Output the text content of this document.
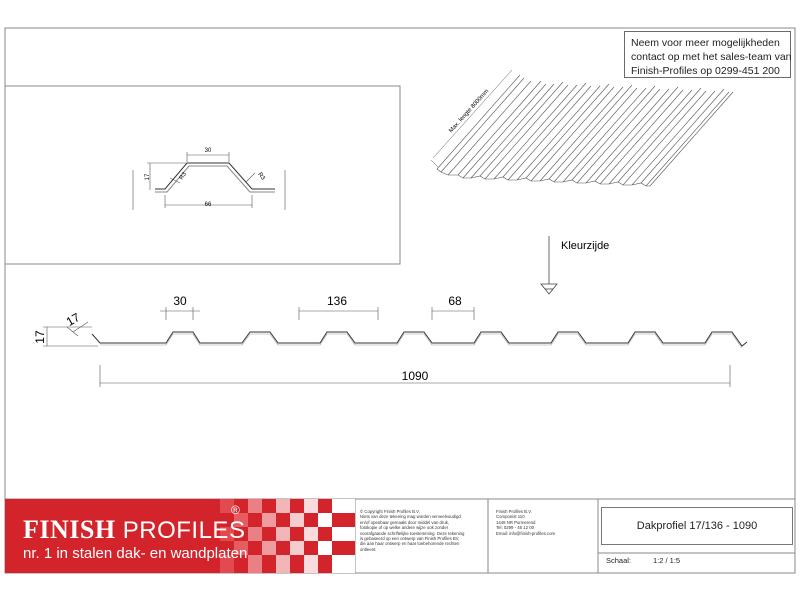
30
66
17	R3	R3
Max. lengte 8000mm
Kleurzijde
30	136	68
1090
17
17
Neem voor meer mogelijkheden
contact op met het sales-team van
Finish-Profiles op 0299-451 200
FINISH PROFILES
®
nr. 1 in stalen dak- en wandplaten
© Copyright Finish Profiles B.V.
Niets van deze tekening mag worden verveelvoudigd
en/of openbaar gemaakt door middel van druk,
fotokopie of op welke andere wijze ook zonder
voorafgaande schriftelijke toestemming. Deze tekening
is gebaseerd op een ontwerp van Finish Profiles BV,
die aan haar ontwerp en haar toebehorende rechten
ontleent.
Finish Profiles B.V.
Componist 110
1448 NR Purmerend
Tel: 0299 - 45 12 00
Email: info@finish-profiles.com
Dakprofiel 17/136 - 1090
Schaal:	1:2 / 1:5
